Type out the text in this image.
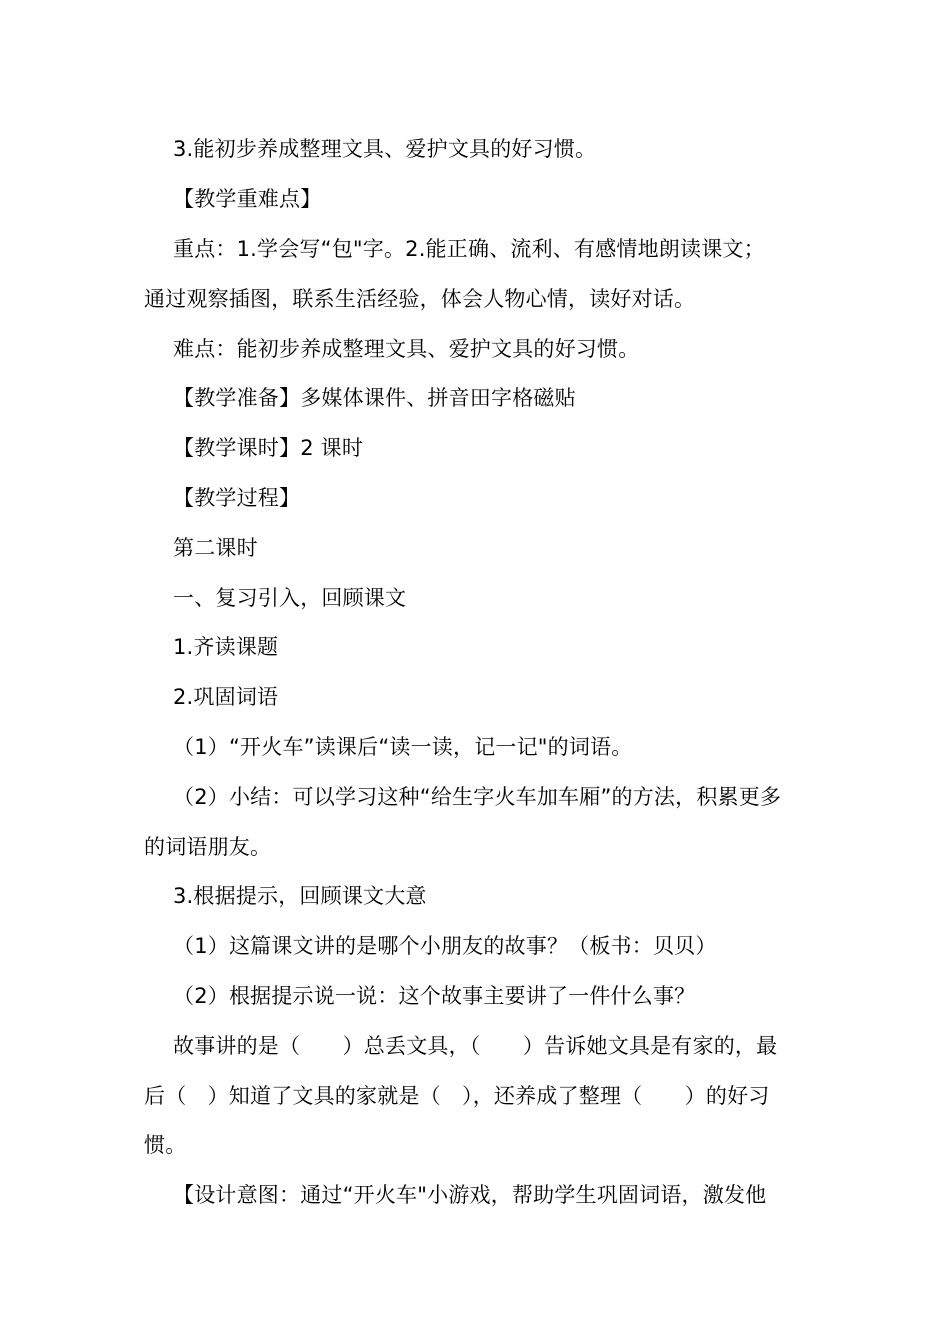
3.能初步养成整理文具、爱护文具的好习惯。
【教学重难点】
重点：1.学会写“包"字。2.能正确、流利、有感情地朗读课文；
通过观察插图，联系生活经验，体会人物心情，读好对话。
难点：能初步养成整理文具、爱护文具的好习惯。
【教学准备】多媒体课件、拼音田字格磁贴
【教学课时】2 课时
【教学过程】
第二课时
一、复习引入，回顾课文
1.齐读课题
2.巩固词语
（1）“开火车”读课后“读一读，记一记"的词语。
（2）小结：可以学习这种“给生字火车加车厢”的方法，积累更多
的词语朋友。
3.根据提示，回顾课文大意
（1）这篇课文讲的是哪个小朋友的故事？（板书：贝贝）
（2）根据提示说一说：这个故事主要讲了一件什么事？
故事讲的是（　　）总丢文具，（　　）告诉她文具是有家的，最
后（　）知道了文具的家就是（　），还养成了整理（　　）的好习
惯。
【设计意图：通过“开火车"小游戏，帮助学生巩固词语，激发他
